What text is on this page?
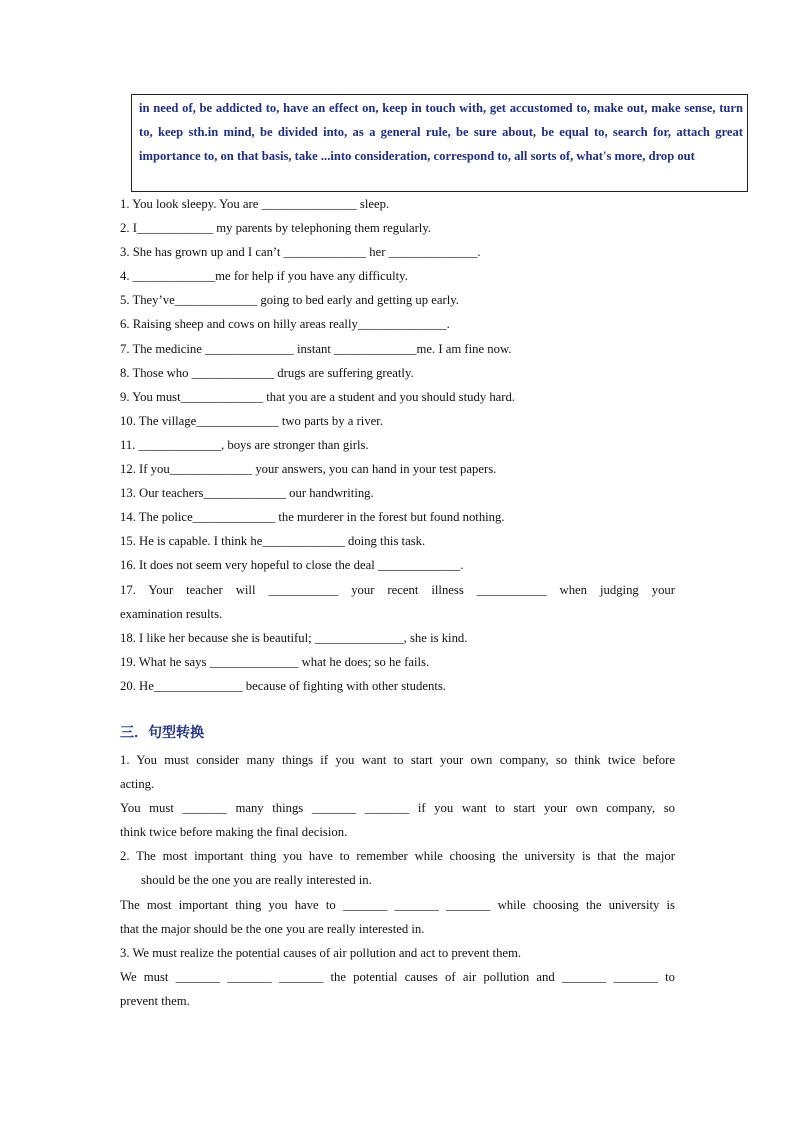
in need of, be addicted to, have an effect on, keep in touch with, get accustomed to, make out, make sense, turn to, keep sth.in mind, be divided into, as a general rule, be sure about, be equal to, search for, attach great importance to, on that basis, take ...into consideration, correspond to, all sorts of, what's more, drop out

1. You look sleepy. You are _______________ sleep.

2. I____________ my parents by telephoning them regularly.

3. She has grown up and I can’t _____________ her ______________.

4. _____________me for help if you have any difficulty.

5. They’ve_____________ going to bed early and getting up early.

6. Raising sheep and cows on hilly areas really______________.

7. The medicine ______________ instant _____________me. I am fine now.

8. Those who _____________ drugs are suffering greatly.

9. You must_____________ that you are a student and you should study hard.

10. The village_____________ two parts by a river.

11. _____________, boys are stronger than girls.

12. If you_____________ your answers, you can hand in your test papers.

13. Our teachers_____________ our handwriting.

14. The police_____________ the murderer in the forest but found nothing.

15. He is capable. I think he_____________ doing this task.

16. It does not seem very hopeful to close the deal _____________.

17. Your teacher will ___________ your recent illness ___________ when judging your

examination results.

18. I like her because she is beautiful; ______________, she is kind.

19. What he says ______________ what he does; so he fails.

20. He______________ because of fighting with other students.

三．句型转换

1. You must consider many things if you want to start your own company, so think twice before

acting.

You must _______ many things _______ _______ if you want to start your own company, so

think twice before making the final decision.

2. The most important thing you have to remember while choosing the university is that the major

should be the one you are really interested in.

The most important thing you have to _______ _______ _______ while choosing the university is

that the major should be the one you are really interested in.

3. We must realize the potential causes of air pollution and act to prevent them.

We must _______ _______ _______ the potential causes of air pollution and _______ _______ to

prevent them.
